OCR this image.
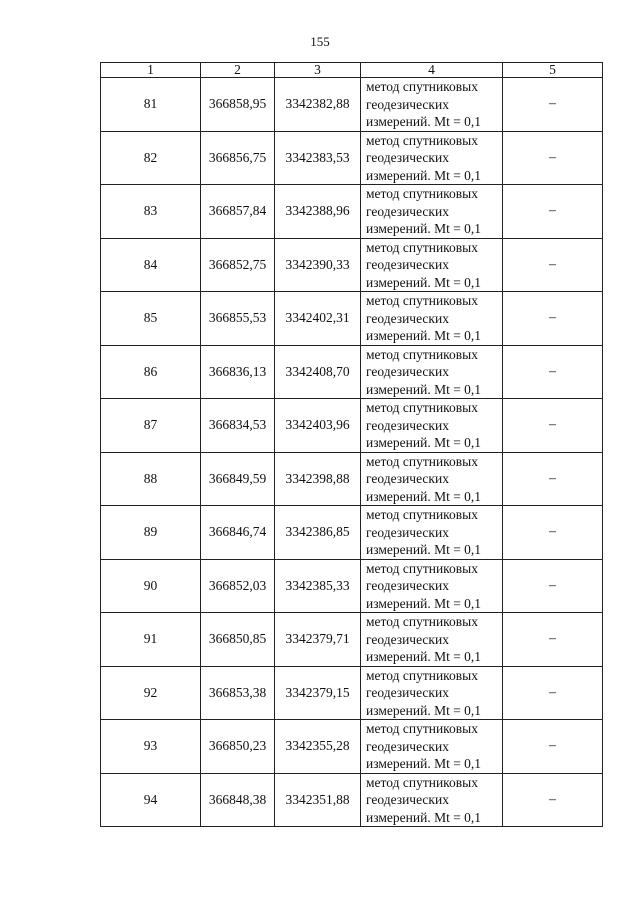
155
1	2	3	4	5
81	366858,95	3342382,88	метод спутниковых
геодезических
измерений. Mt = 0,1	–
82	366856,75	3342383,53	метод спутниковых
геодезических
измерений. Mt = 0,1	–
83	366857,84	3342388,96	метод спутниковых
геодезических
измерений. Mt = 0,1	–
84	366852,75	3342390,33	метод спутниковых
геодезических
измерений. Mt = 0,1	–
85	366855,53	3342402,31	метод спутниковых
геодезических
измерений. Mt = 0,1	–
86	366836,13	3342408,70	метод спутниковых
геодезических
измерений. Mt = 0,1	–
87	366834,53	3342403,96	метод спутниковых
геодезических
измерений. Mt = 0,1	–
88	366849,59	3342398,88	метод спутниковых
геодезических
измерений. Mt = 0,1	–
89	366846,74	3342386,85	метод спутниковых
геодезических
измерений. Mt = 0,1	–
90	366852,03	3342385,33	метод спутниковых
геодезических
измерений. Mt = 0,1	–
91	366850,85	3342379,71	метод спутниковых
геодезических
измерений. Mt = 0,1	–
92	366853,38	3342379,15	метод спутниковых
геодезических
измерений. Mt = 0,1	–
93	366850,23	3342355,28	метод спутниковых
геодезических
измерений. Mt = 0,1	–
94	366848,38	3342351,88	метод спутниковых
геодезических
измерений. Mt = 0,1	–
